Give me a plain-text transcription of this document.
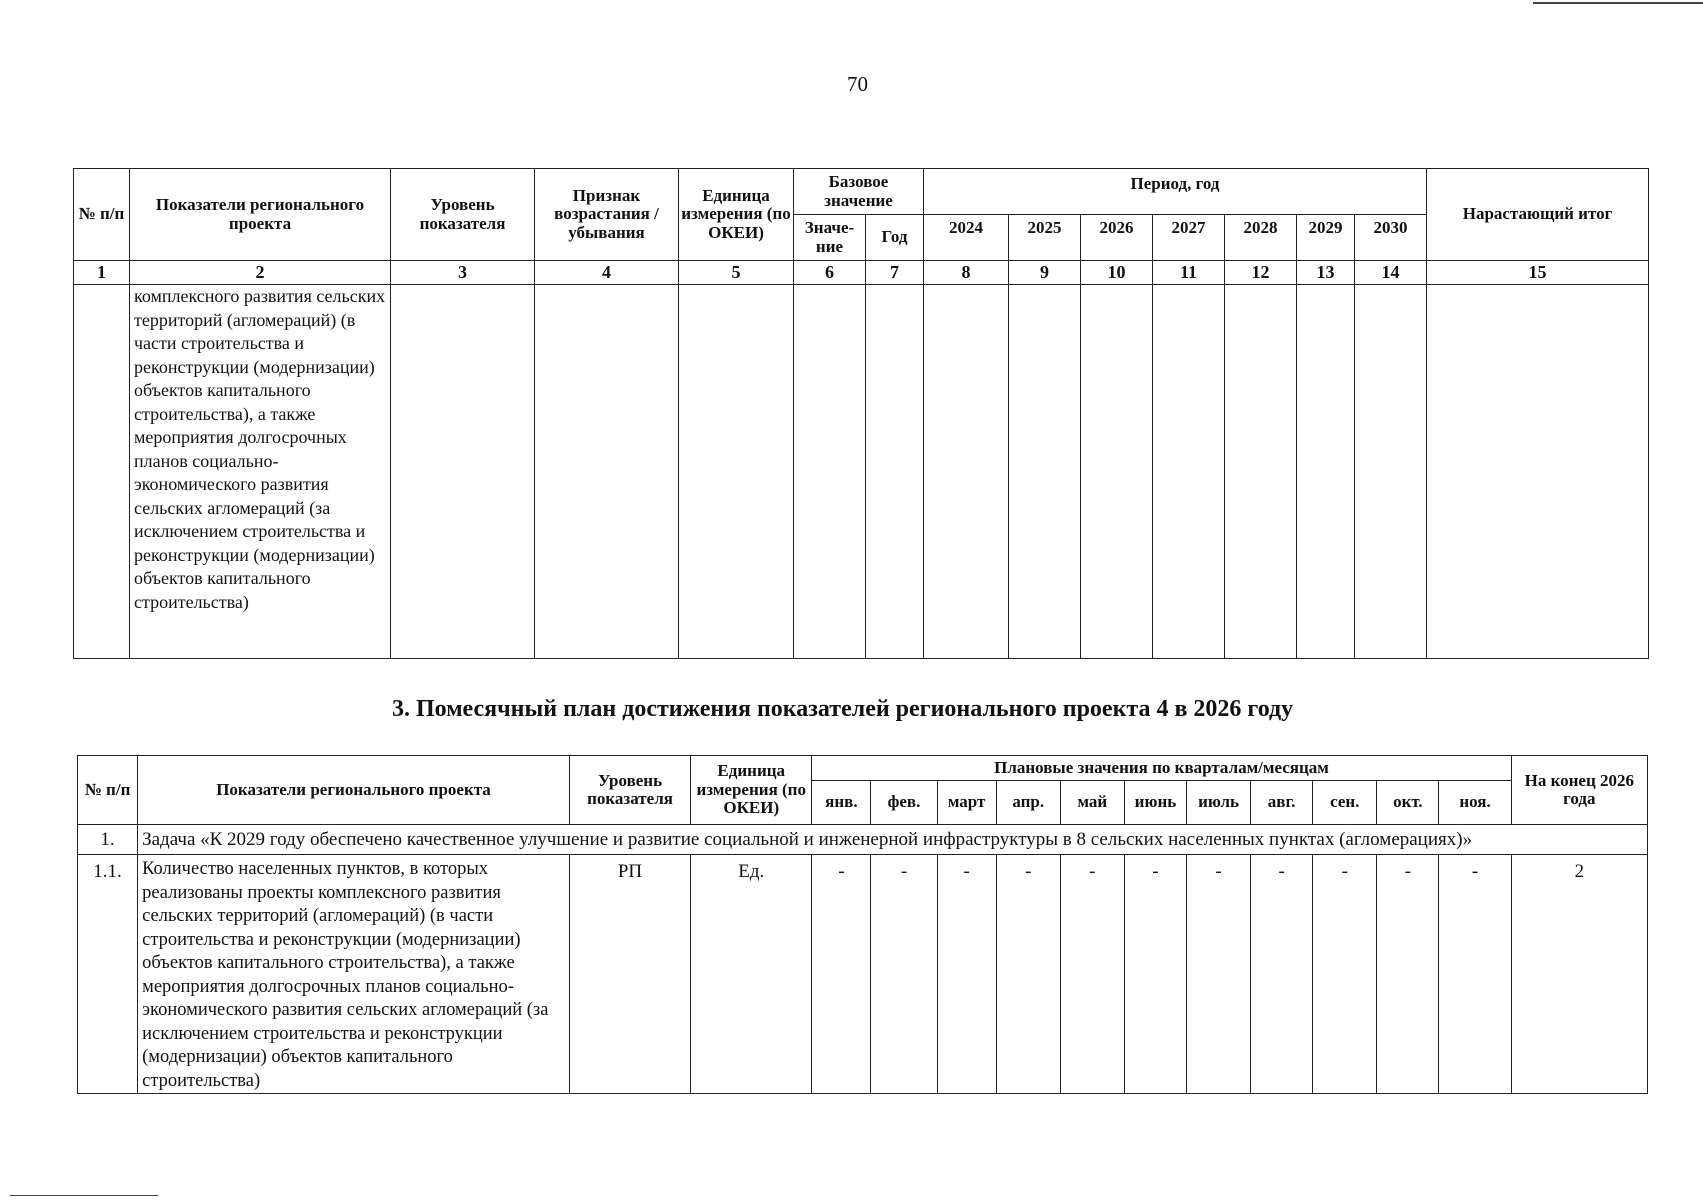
70
№ п/п	Показатели регионального проекта	Уровень показателя	Признак возрастания / убывания	Единица измерения (по ОКЕИ)	Базовое значение		Период, год							Нарастающий итог
					Значе-ние	Год	2024	2025	2026	2027	2028	2029	2030	
1	2	3	4	5	6	7	8	9	10	11	12	13	14	15
	комплексного развития сельских территорий (агломераций) (в части строительства и реконструкции (модернизации) объектов капитального строительства), а также мероприятия долгосрочных планов социально-экономического развития сельских агломераций (за исключением строительства и реконструкции (модернизации) объектов капитального строительства)													
3. Помесячный план достижения показателей регионального проекта 4 в 2026 году
№ п/п	Показатели регионального проекта	Уровень показателя	Единица измерения (по ОКЕИ)	Плановые значения по кварталам/месяцам											На конец 2026 года
				янв.	фев.	март	апр.	май	июнь	июль	авг.	сен.	окт.	ноя.	
1.	Задача «К 2029 году обеспечено качественное улучшение и развитие социальной и инженерной инфраструктуры в 8 сельских населенных пунктах (агломерациях)»														
1.1.	Количество населенных пунктов, в которых реализованы проекты комплексного развития сельских территорий (агломераций) (в части строительства и реконструкции (модернизации) объектов капитального строительства), а также мероприятия долгосрочных планов социально-экономического развития сельских агломераций (за исключением строительства и реконструкции (модернизации) объектов капитального строительства)	РП	Ед.	-	-	-	-	-	-	-	-	-	-	-	2
